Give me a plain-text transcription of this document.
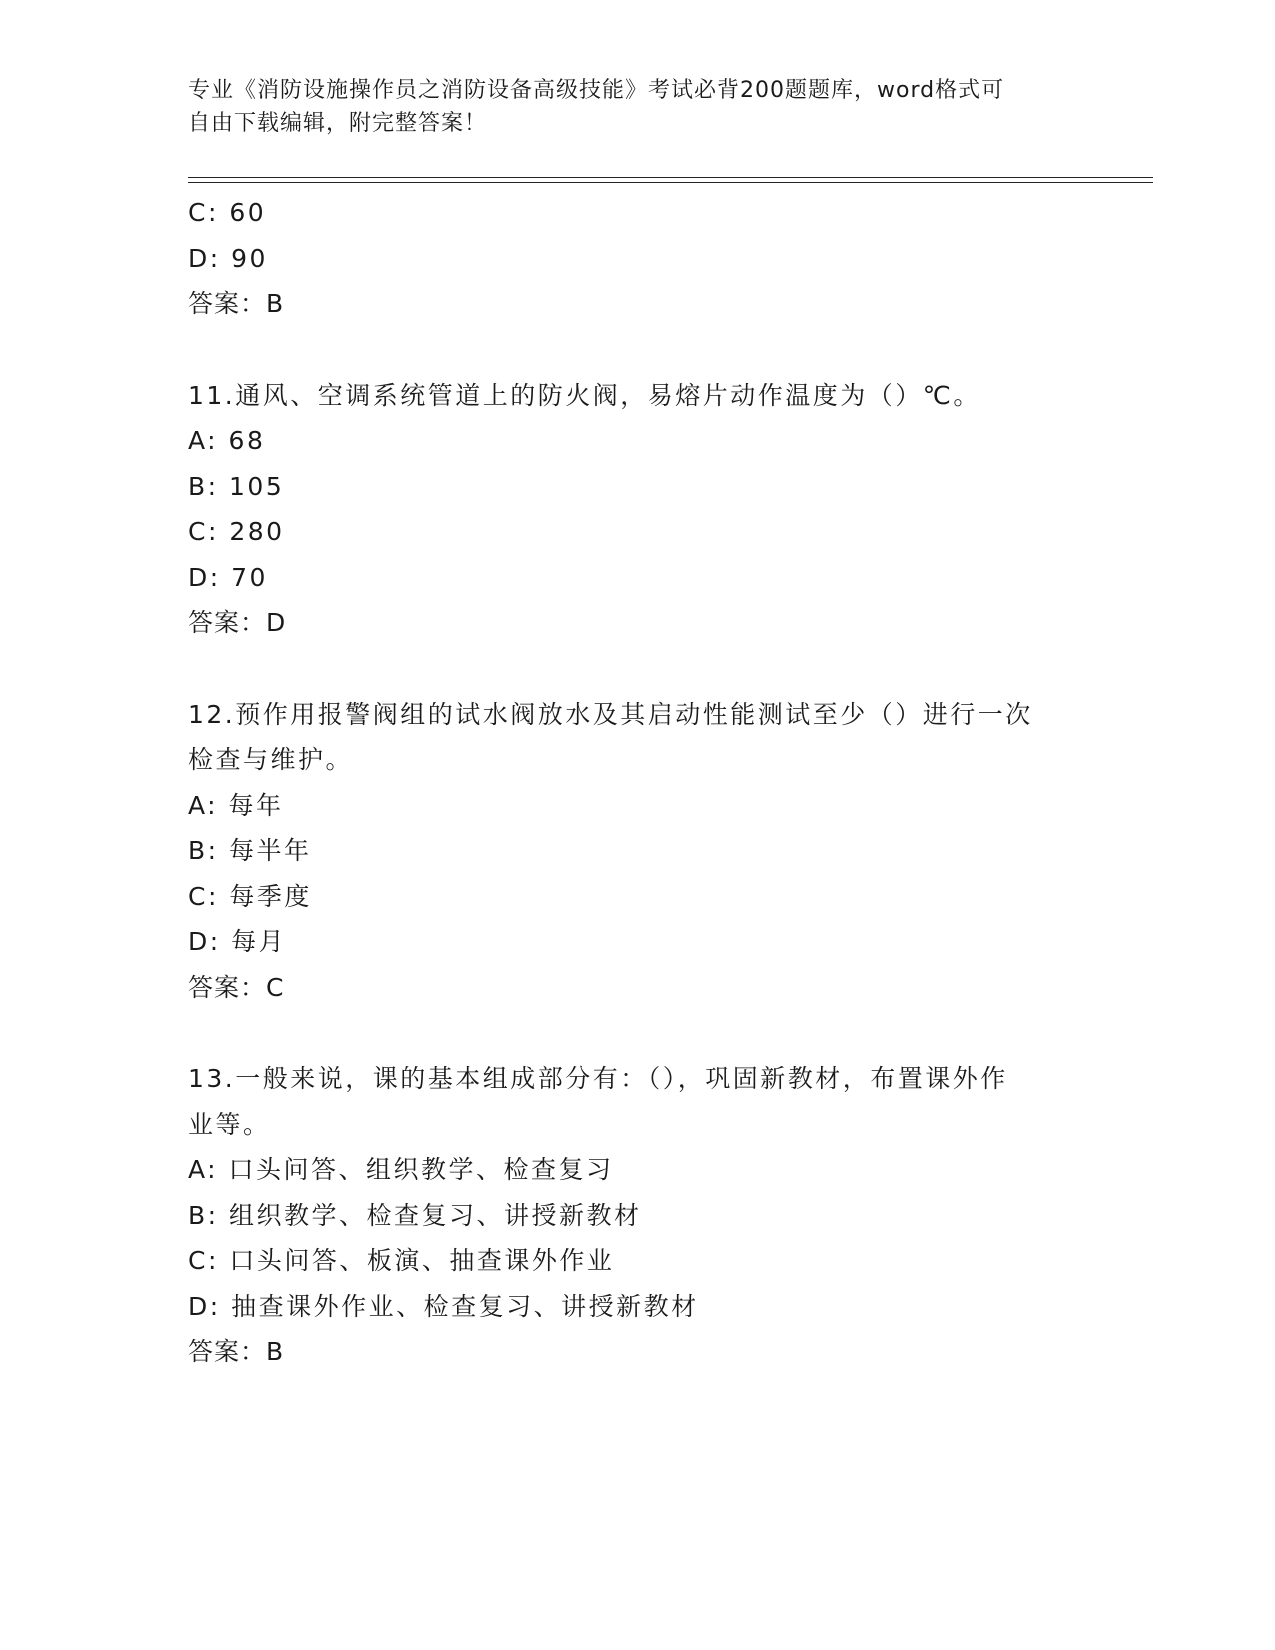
专业《消防设施操作员之消防设备高级技能》考试必背200题题库，word格式可
自由下载编辑，附完整答案！
C: 60
D: 90
答案：B
11.通风、空调系统管道上的防火阀，易熔片动作温度为（）℃。
A: 68
B: 105
C: 280
D: 70
答案：D
12.预作用报警阀组的试水阀放水及其启动性能测试至少（）进行一次
检查与维护。
A: 每年
B: 每半年
C: 每季度
D: 每月
答案：C
13.一般来说，课的基本组成部分有：（），巩固新教材，布置课外作
业等。
A: 口头问答、组织教学、检查复习
B: 组织教学、检查复习、讲授新教材
C: 口头问答、板演、抽查课外作业
D: 抽查课外作业、检查复习、讲授新教材
答案：B
